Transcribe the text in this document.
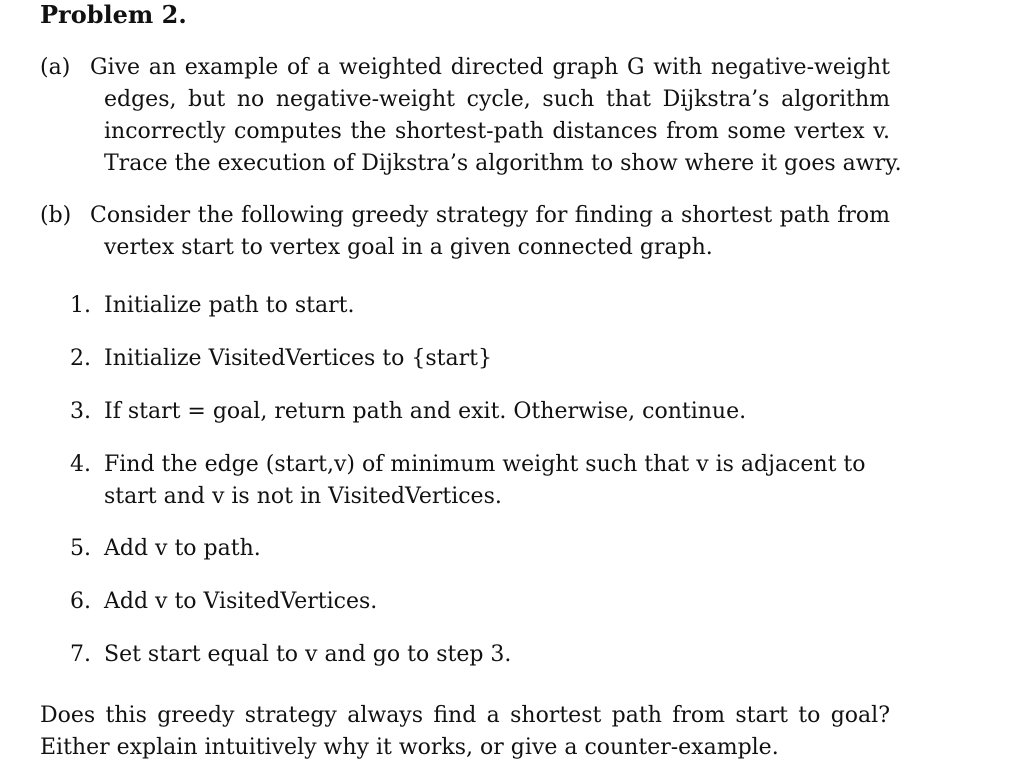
Problem 2.
(a) Give an example of a weighted directed graph G with negative-weight
edges, but no negative-weight cycle, such that Dijkstra’s algorithm
incorrectly computes the shortest-path distances from some vertex v.
Trace the execution of Dijkstra’s algorithm to show where it goes awry.
(b) Consider the following greedy strategy for finding a shortest path from
vertex start to vertex goal in a given connected graph.
1. Initialize path to start.
2. Initialize VisitedVertices to {start}
3. If start = goal, return path and exit. Otherwise, continue.
4. Find the edge (start,v) of minimum weight such that v is adjacent to
start and v is not in VisitedVertices.
5. Add v to path.
6. Add v to VisitedVertices.
7. Set start equal to v and go to step 3.
Does this greedy strategy always find a shortest path from start to goal?
Either explain intuitively why it works, or give a counter-example.
